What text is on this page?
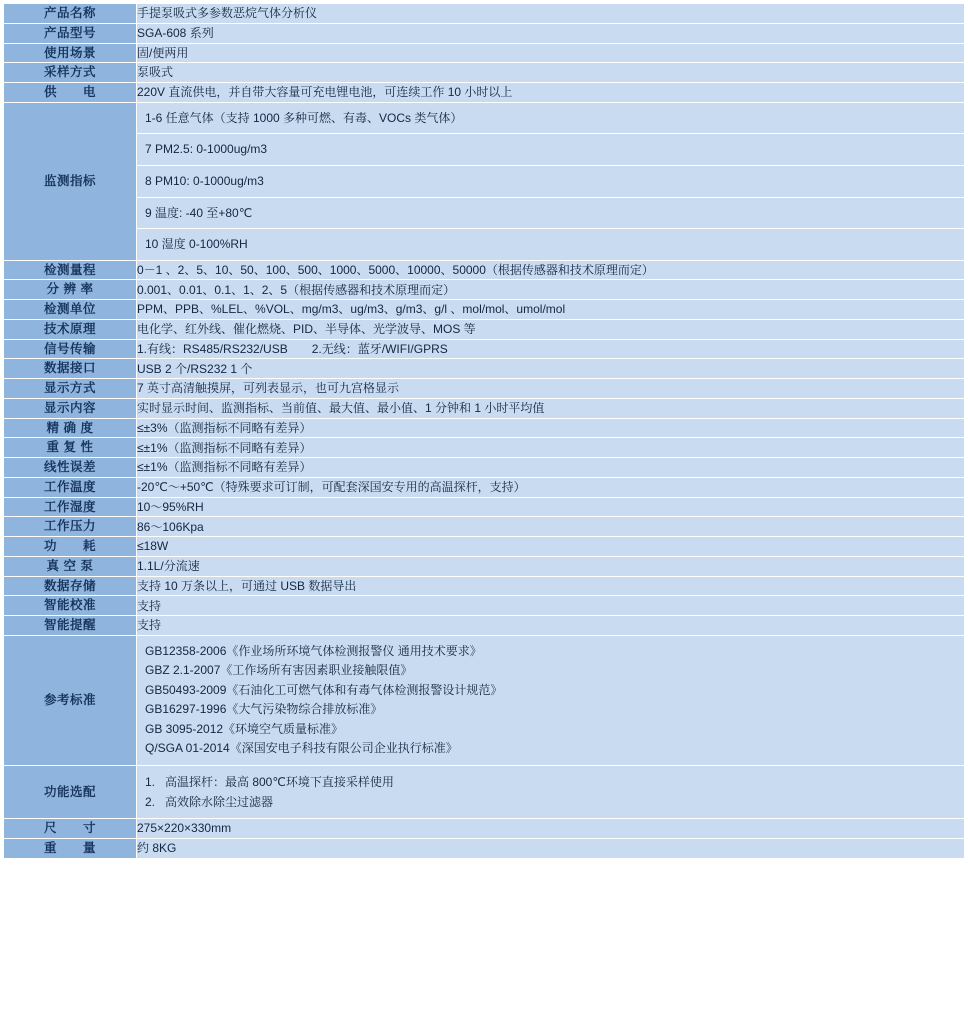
产品名称	手提泵吸式多参数恶烷气体分析仪
产品型号	SGA-608 系列
使用场景	固/便两用
采样方式	泵吸式
供　　电	220V 直流供电，并自带大容量可充电锂电池，可连续工作 10 小时以上
监测指标	1-6 任意气体（支持 1000 多种可燃、有毒、VOCs 类气体）
7 PM2.5: 0-1000ug/m3
8 PM10: 0-1000ug/m3
9 温度: -40 至+80℃
10 湿度 0-100%RH

检测量程	0－1 、2、5、10、50、100、500、1000、5000、10000、50000（根据传感器和技术原理而定）
分 辨 率	0.001、0.01、0.1、1、2、5（根据传感器和技术原理而定）
检测单位	PPM、PPB、%LEL、%VOL、mg/m3、ug/m3、g/m3、g/l 、mol/mol、umol/mol
技术原理	电化学、红外线、催化燃烧、PID、半导体、光学波导、MOS 等
信号传输	1.有线：RS485/RS232/USB　　2.无线：蓝牙/WIFI/GPRS
数据接口	USB 2 个/RS232 1 个
显示方式	7 英寸高清触摸屏，可列表显示，也可九宫格显示
显示内容	实时显示时间、监测指标、当前值、最大值、最小值、1 分钟和 1 小时平均值
精 确 度	≤±3%（监测指标不同略有差异）
重 复 性	≤±1%（监测指标不同略有差异）
线性误差	≤±1%（监测指标不同略有差异）
工作温度	-20℃～+50℃（特殊要求可订制，可配套深国安专用的高温探杆，支持）
工作湿度	10～95%RH
工作压力	86～106Kpa
功　　耗	≤18W
真 空 泵	1.1L/分流速
数据存储	支持 10 万条以上，可通过 USB 数据导出
智能校准	支持
智能提醒	支持
参考标准	
GB12358-2006《作业场所环境气体检测报警仪 通用技术要求》
GBZ 2.1-2007《工作场所有害因素职业接触限值》
GB50493-2009《石油化工可燃气体和有毒气体检测报警设计规范》
GB16297-1996《大气污染物综合排放标准》
GB 3095-2012《环境空气质量标准》
Q/SGA 01-2014《深国安电子科技有限公司企业执行标准》

功能选配	1. 高温探杆：最高 800℃环境下直接采样使用
2. 高效除水除尘过滤器

尺　　寸	275×220×330mm
重　　量	约 8KG
